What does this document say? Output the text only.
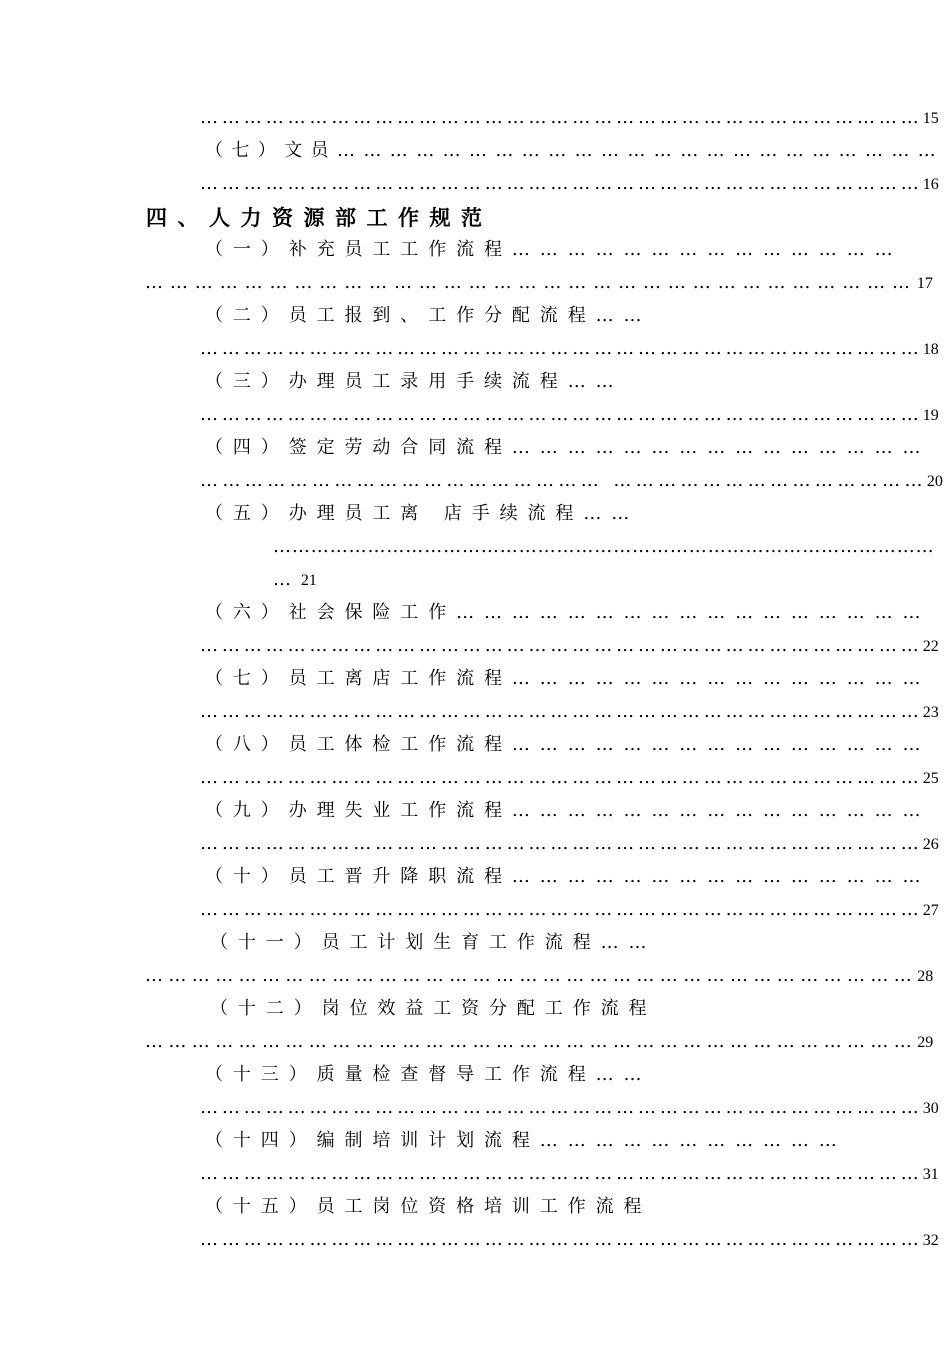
………………………………………………………………………………………15
（七）文员……………………………………………………………
………………………………………………………………………………………16
四、人力资源部工作规范
（一）补充员工工作流程……………………………………
…………………………………………………………………………………17
（二）员工报到、工作分配流程……
………………………………………………………………………………………18
（三）办理员工录用手续流程……
………………………………………………………………………………………19
（四）签定劳动合同流程………………………………………
……………………………………………… ……………………………………20
（五）办理员工离 店手续流程……
……………………………………………………………………………………………
…21
（六）社会保险工作……………………………………………
………………………………………………………………………………………22
（七）员工离店工作流程………………………………………
………………………………………………………………………………………23
（八）员工体检工作流程………………………………………
………………………………………………………………………………………25
（九）办理失业工作流程………………………………………
………………………………………………………………………………………26
（十）员工晋升降职流程………………………………………
………………………………………………………………………………………27
（十一）员工计划生育工作流程……
………………………………………………………………………………………28
（十二）岗位效益工资分配工作流程
………………………………………………………………………………………29
（十三）质量检查督导工作流程……
………………………………………………………………………………………30
（十四）编制培训计划流程……………………………
………………………………………………………………………………………31
（十五）员工岗位资格培训工作流程
………………………………………………………………………………………32
